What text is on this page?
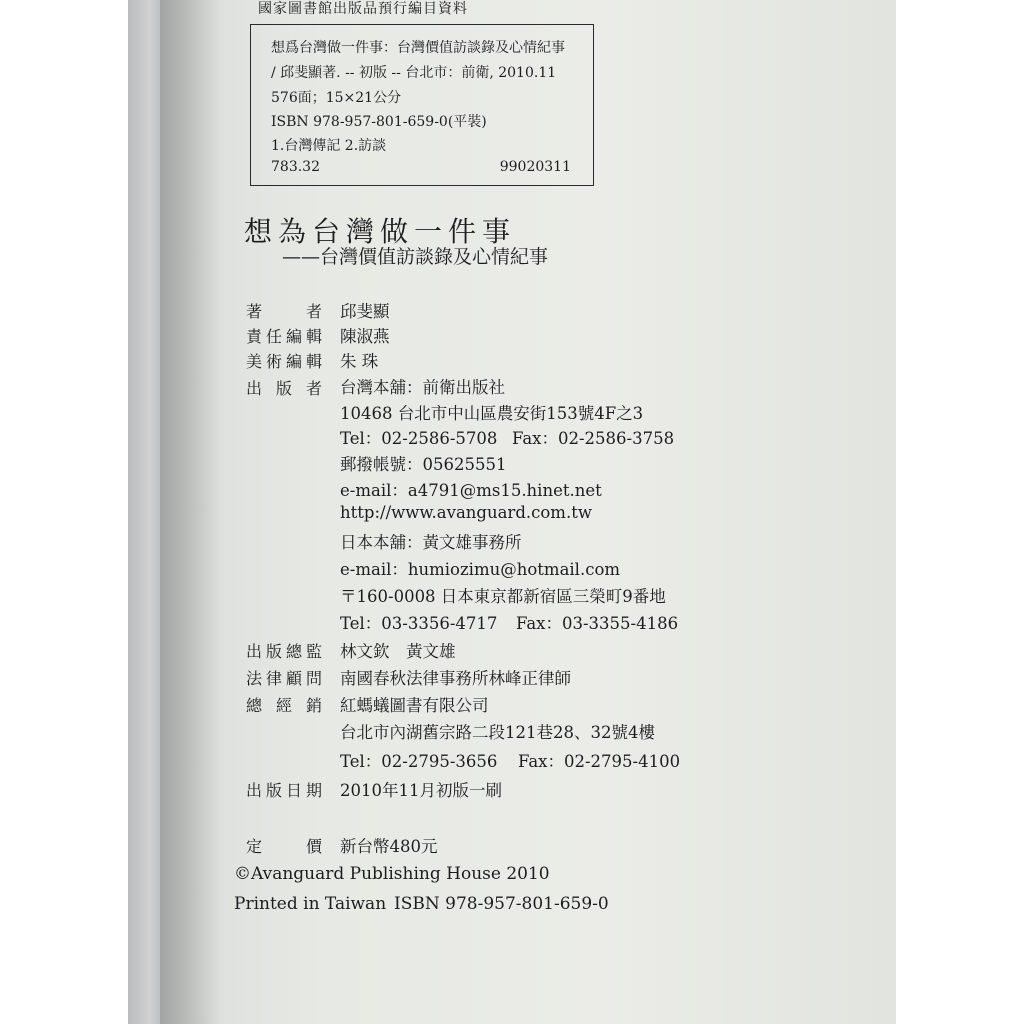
國家圖書館出版品預行編目資料
想爲台灣做一件事：台灣價值訪談錄及心情紀事
/ 邱斐顯著. -- 初版 -- 台北市：前衛, 2010.11
576面；15×21公分
ISBN 978-957-801-659-0(平裝)
1.台灣傳記 2.訪談
783.32	99020311
想為台灣做一件事
——台灣價值訪談錄及心情紀事
著　者 邱斐顯
責任編輯 陳淑燕
美術編輯 朱 珠
出 版 者 台灣本舖：前衛出版社
10468 台北市中山區農安街153號4F之3
Tel：02-2586-5708 Fax：02-2586-3758
郵撥帳號：05625551
e-mail：a4791@ms15.hinet.net
http://www.avanguard.com.tw
日本本舖：黃文雄事務所
e-mail：humiozimu@hotmail.com
〒160-0008 日本東京都新宿區三榮町9番地
Tel：03-3356-4717 Fax：03-3355-4186
出版總監 林文欽　黃文雄
法律顧問 南國春秋法律事務所林峰正律師
總 經 銷 紅螞蟻圖書有限公司
台北市內湖舊宗路二段121巷28、32號4樓
Tel：02-2795-3656 Fax：02-2795-4100
出版日期 2010年11月初版一刷
定　價 新台幣480元
©Avanguard Publishing House 2010
Printed in Taiwan ISBN 978-957-801-659-0
